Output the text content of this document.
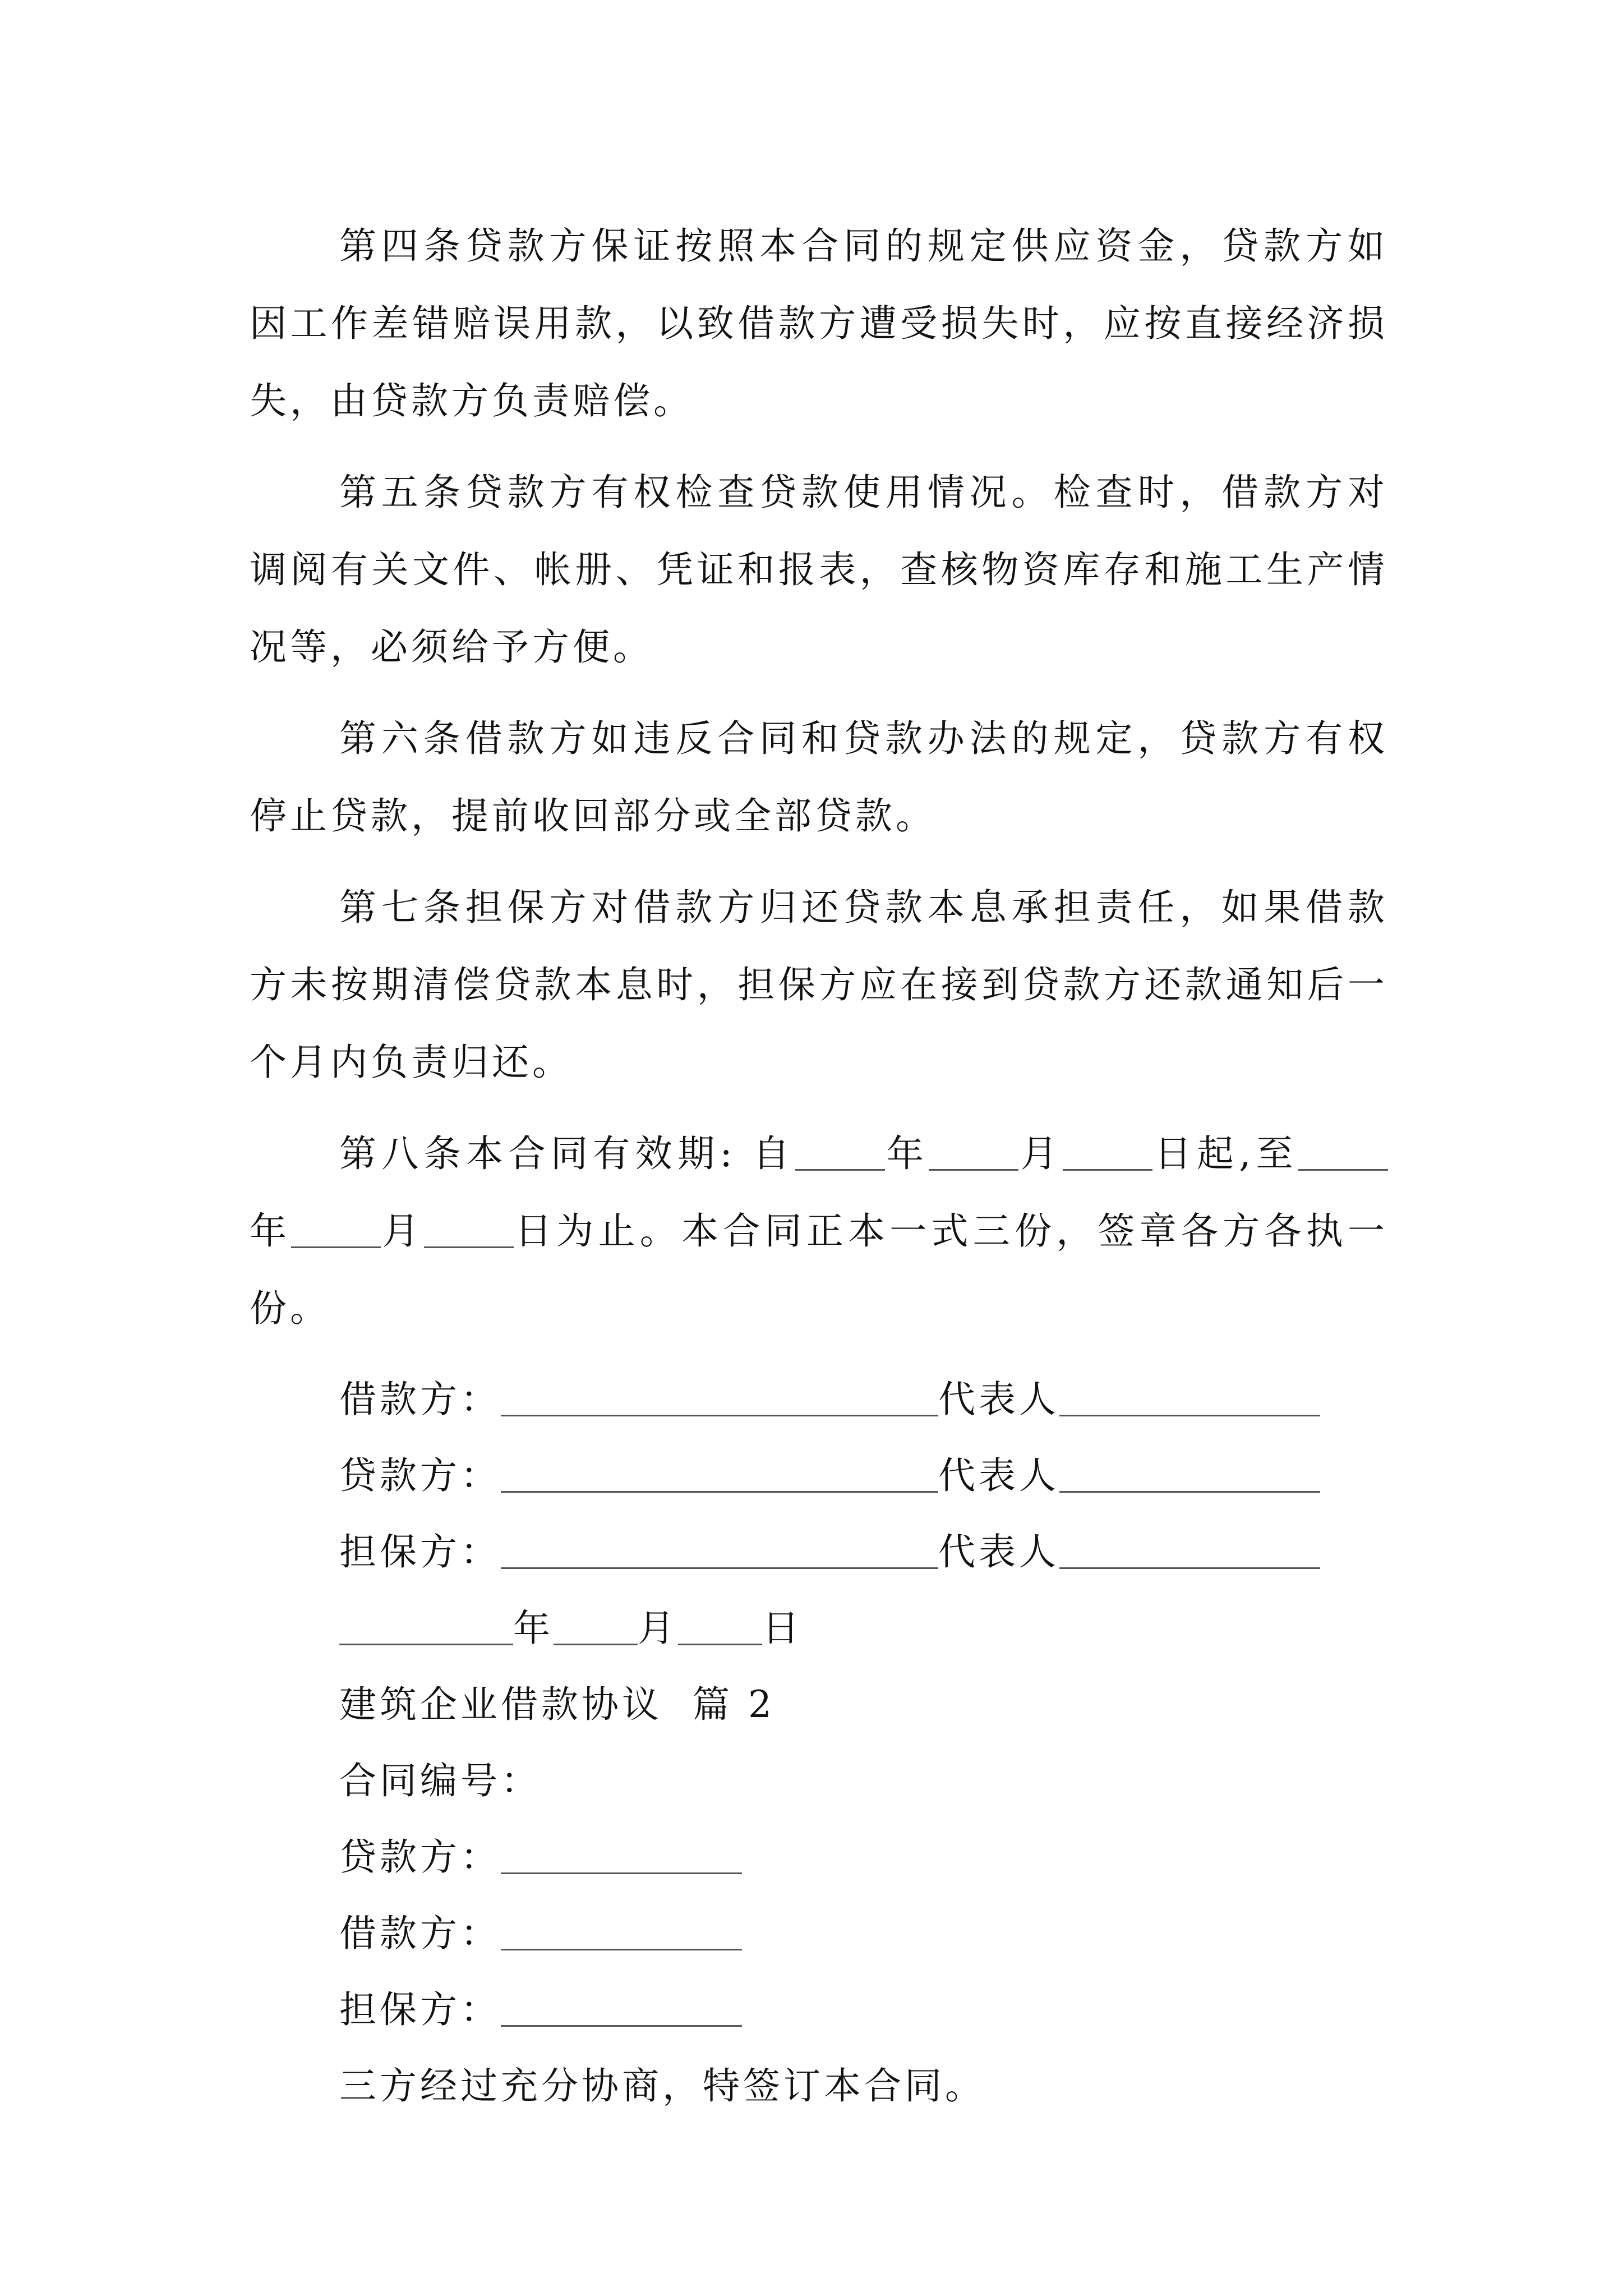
第四条贷款方保证按照本合同的规定供应资金，贷款方如因工作差错赔误用款，以致借款方遭受损失时，应按直接经济损失，由贷款方负责赔偿。

第五条贷款方有权检查贷款使用情况。检查时，借款方对调阅有关文件、帐册、凭证和报表，查核物资库存和施工生产情况等，必须给予方便。

第六条借款方如违反合同和贷款办法的规定，贷款方有权停止贷款，提前收回部分或全部贷款。

第七条担保方对借款方归还贷款本息承担责任，如果借款方未按期清偿贷款本息时，担保方应在接到贷款方还款通知后一个月内负责归还。

第八条本合同有效期: 自 年 月 日起,至年 月 日为止。本合同正本一式三份，签章各方各执一份。

借款方：	代表人
贷款方：	代表人
担保方：	代表人
年 月 日
建筑企业借款协议  篇 2
合同编号：
贷款方：
借款方：
担保方：
三方经过充分协商，特签订本合同。
